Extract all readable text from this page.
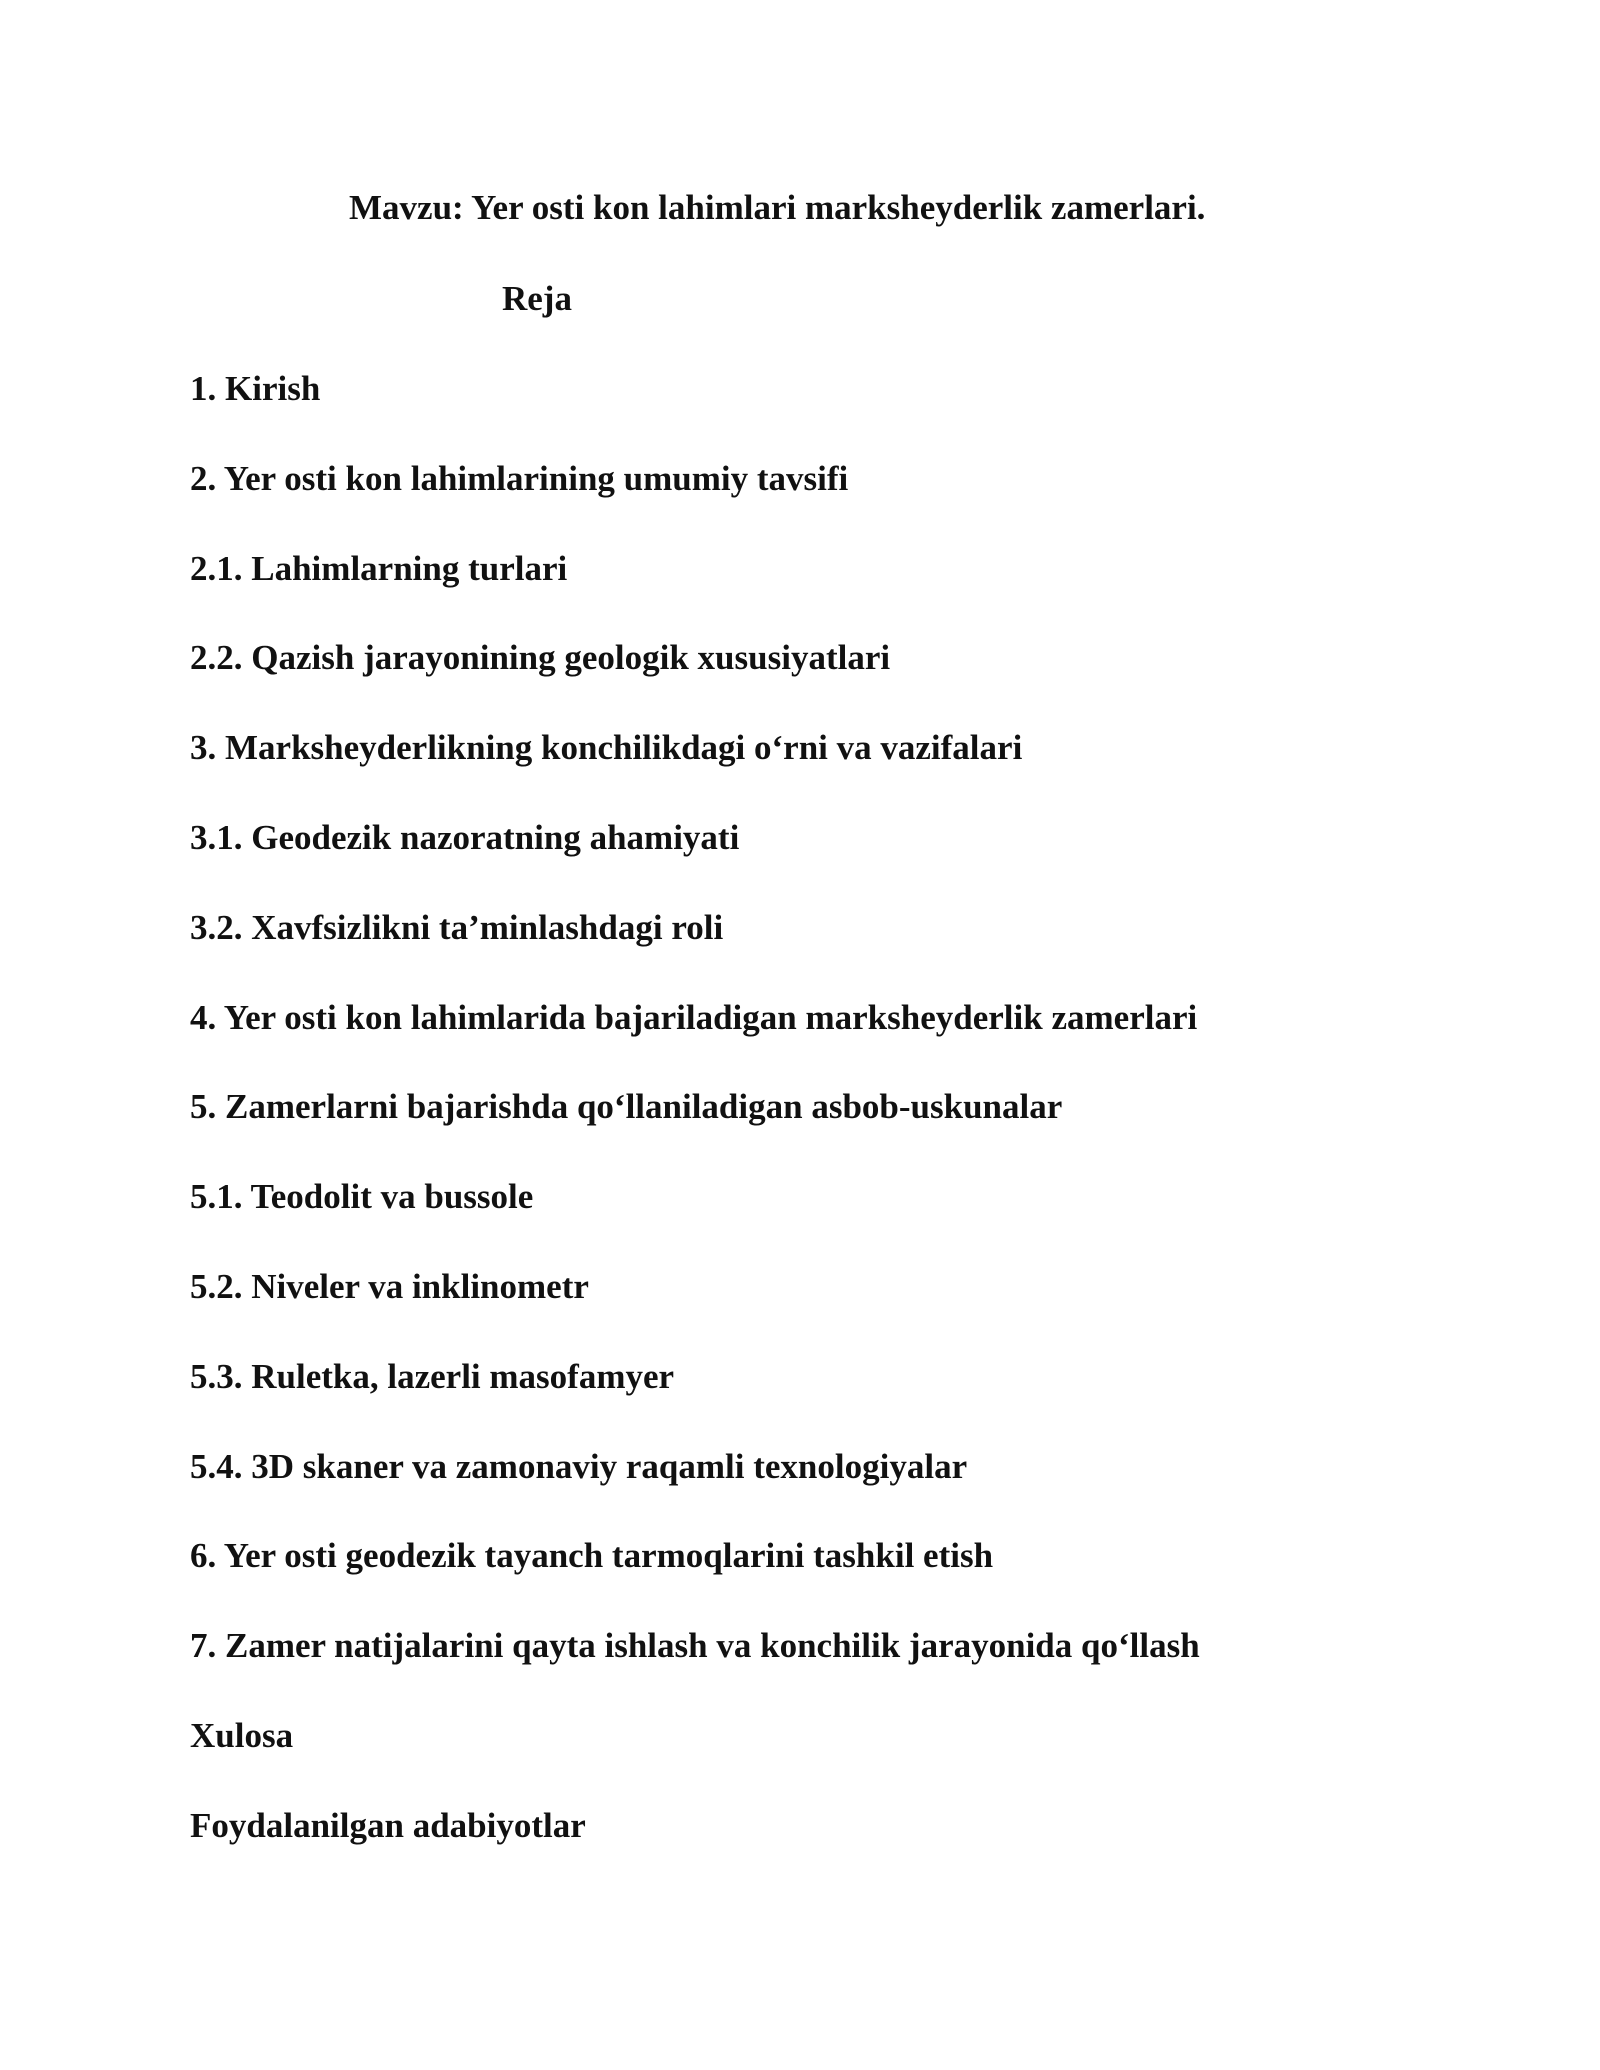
Mavzu: Yer osti kon lahimlari marksheyderlik zamerlari.
Reja
1. Kirish
2. Yer osti kon lahimlarining umumiy tavsifi
2.1. Lahimlarning turlari
2.2. Qazish jarayonining geologik xususiyatlari
3. Marksheyderlikning konchilikdagi o‘rni va vazifalari
3.1. Geodezik nazoratning ahamiyati
3.2. Xavfsizlikni ta’minlashdagi roli
4. Yer osti kon lahimlarida bajariladigan marksheyderlik zamerlari
5. Zamerlarni bajarishda qo‘llaniladigan asbob-uskunalar
5.1. Teodolit va bussole
5.2. Niveler va inklinometr
5.3. Ruletka, lazerli masofamyer
5.4. 3D skaner va zamonaviy raqamli texnologiyalar
6. Yer osti geodezik tayanch tarmoqlarini tashkil etish
7. Zamer natijalarini qayta ishlash va konchilik jarayonida qo‘llash
Xulosa
Foydalanilgan adabiyotlar
